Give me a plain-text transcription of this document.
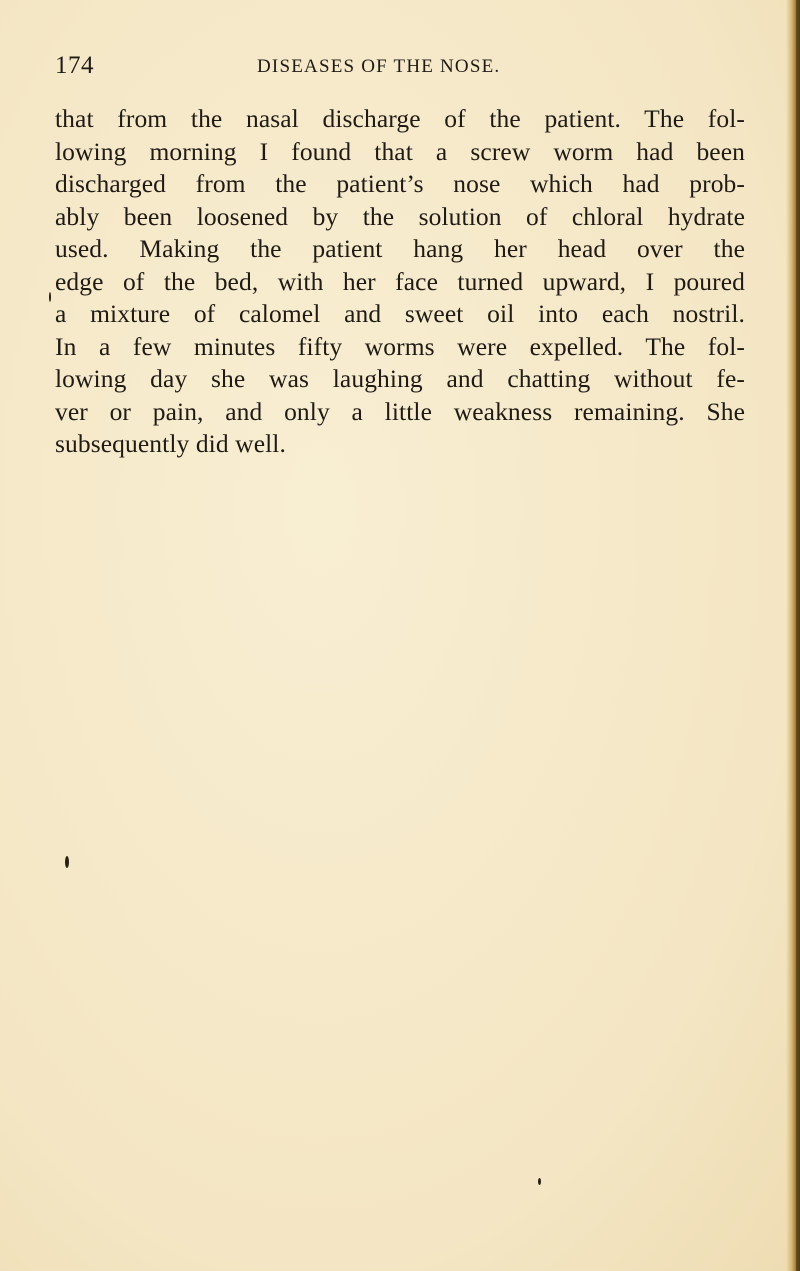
174	DISEASES OF THE NOSE.
that from the nasal discharge of the patient. The fol-
lowing morning I found that a screw worm had been
discharged from the patient’s nose which had prob-
ably been loosened by the solution of chloral hydrate
used. Making the patient hang her head over the
edge of the bed, with her face turned upward, I poured
a mixture of calomel and sweet oil into each nostril.
In a few minutes fifty worms were expelled. The fol-
lowing day she was laughing and chatting without fe-
ver or pain, and only a little weakness remaining. She
subsequently did well.
